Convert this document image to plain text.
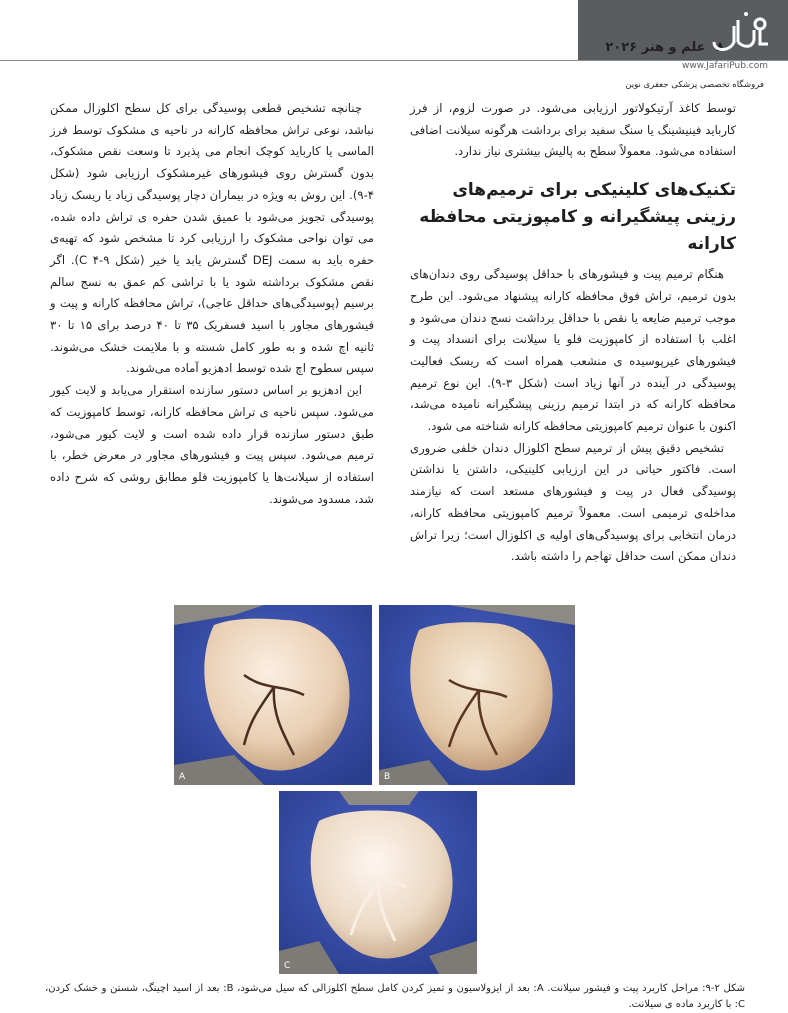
۸ علم و هنر ۲۰۲۶
www.JafariPub.com
فروشگاه تخصصی پزشکی جعفری نوین

توسط کاغذ آرتیکولاتور ارزیابی می‌شود. در صورت لزوم، از فرز کارباید فینیشینگ یا سنگ سفید برای برداشت هرگونه سیلانت اضافی استفاده می‌شود. معمولاً سطح به پالیش بیشتری نیاز ندارد.

تکنیک‌های کلینیکی برای ترمیم‌های رزینی پیشگیرانه و کامپوزیتی محافظه کارانه

هنگام ترمیم پیت و فیشورهای با حداقل پوسیدگی روی دندان‌های بدون ترمیم، تراش فوق محافظه کارانه پیشنهاد می‌شود. این طرح موجب ترمیم ضایعه یا نقص با حداقل برداشت نسج دندان می‌شود و اغلب با استفاده از کامپوزیت فلو یا سیلانت برای انسداد پیت و فیشورهای غیرپوسیده ی منشعب همراه است که ریسک فعالیت پوسیدگی در آینده در آنها زیاد است (شکل ۳-۹). این نوع ترمیم محافظه کارانه که در ابتدا ترمیم رزینی پیشگیرانه نامیده می‌شد، اکنون با عنوان ترمیم کامپوزیتی محافظه کارانه شناخته می شود.

تشخیص دقیق پیش از ترمیم سطح اکلوزال دندان خلفی ضروری است. فاکتور حیاتی در این ارزیابی کلینیکی، داشتن یا نداشتن پوسیدگی فعال در پیت و فیشورهای مستعد است که نیازمند مداخله‌ی ترمیمی است. معمولاً ترمیم کامپوزیتی محافظه کارانه، درمان انتخابی برای پوسیدگی‌های اولیه ی اکلوزال است؛ زیرا تراش دندان ممکن است حداقل تهاجم را داشته باشد.

چنانچه تشخیص قطعی پوسیدگی برای کل سطح اکلوزال ممکن نباشد، نوعی تراش محافظه کارانه در ناحیه ی مشکوک توسط فرز الماسی یا کارباید کوچک انجام می پذیرد تا وسعت نقص مشکوک، بدون گسترش روی فیشورهای غیرمشکوک ارزیابی شود (شکل ۴-۹). این روش به ویژه در بیماران دچار پوسیدگی زیاد یا ریسک زیاد پوسیدگی تجویز می‌شود با عمیق شدن حفره ی تراش داده شده، می توان نواحی مشکوک را ارزیابی کرد تا مشخص شود که تهیه‌ی حفره باید به سمت DEJ گسترش یابد یا خیر (شکل C ۴-۹). اگر نقص مشکوک برداشته شود یا با تراشی کم عمق به نسج سالم برسیم (پوسیدگی‌های حداقل عاجی)، تراش محافظه کارانه و پیت و فیشورهای مجاور با اسید فسفریک ۳۵ تا ۴۰ درصد برای ۱۵ تا ۳۰ ثانیه اچ شده و به طور کامل شسته و با ملایمت خشک می‌شوند. سپس سطوح اچ شده توسط ادهزیو آماده می‌شوند.

این ادهزیو بر اساس دستور سازنده استقرار می‌یابد و لایت کیور می‌شود. سپس ناحیه ی تراش محافظه کارانه، توسط کامپوزیت که طبق دستور سازنده قرار داده شده است و لایت کیور می‌شود، ترمیم می‌شود. سپس پیت و فیشورهای مجاور در معرض خطر، با استفاده از سیلانت‌ها یا کامپوزیت فلو مطابق روشی که شرح داده شد، مسدود می‌شوند.

A	B
C
شکل ۲-۹: مراحل کاربرد پیت و فیشور سیلانت. A: بعد از ایزولاسیون و تمیز کردن کامل سطح اکلوزالی که سیل می‌شود، B: بعد از اسید اچینگ، شستن و خشک کردن، C: با کاربرد ماده ی سیلانت.
